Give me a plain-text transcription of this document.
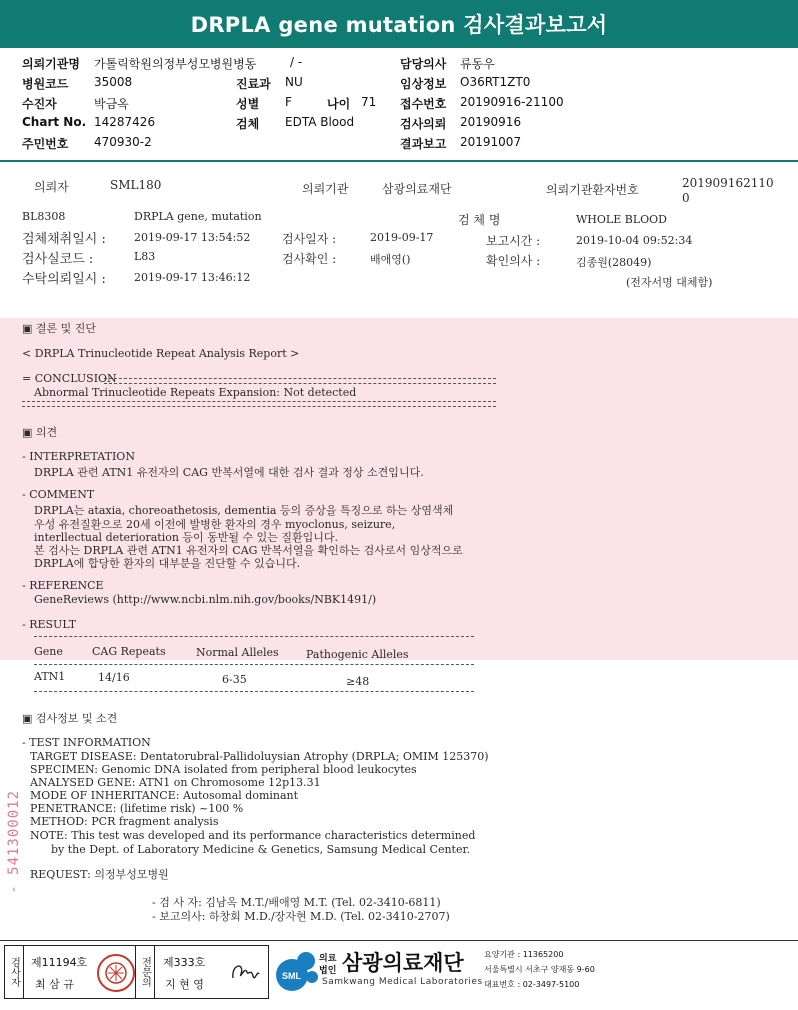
DRPLA gene mutation 검사결과보고서
의뢰기관명 가톨릭학원의정부성모병원병동	/ -	담당의사 류동우
병원코드 35008	진료과 NU	임상정보 O36RT1ZT0
수진자	박금옥	성별 F	나이 71 접수번호 20190916-21100
Chart No. 14287426	검체 EDTA Blood	검사의뢰 20190916
주민번호 470930-2	결과보고 20191007
의뢰자	SML180	의뢰기관	삼광의료재단	의뢰기관환자번호	201909162110
0
BL8308	DRPLA gene, mutation	검 체 명	WHOLE BLOOD
검체채취일시 :	2019-09-17 13:54:52	검사일자 :	2019-09-17	보고시간 :	2019-10-04 09:52:34
검사실코드 :	L83	검사확인 :	배애영()	확인의사 :	김종원(28049)
수탁의뢰일시 :	2019-09-17 13:46:12	(전자서명 대체함)
▣ 결론 및 진단
< DRPLA Trinucleotide Repeat Analysis Report >
= CONCLUSION
Abnormal Trinucleotide Repeats Expansion: Not detected
▣ 의견
- INTERPRETATION
DRPLA 관련 ATN1 유전자의 CAG 반복서열에 대한 검사 결과 정상 소견입니다.
- COMMENT
DRPLA는 ataxia, choreoathetosis, dementia 등의 증상을 특징으로 하는 상염색체
우성 유전질환으로 20세 이전에 발병한 환자의 경우 myoclonus, seizure,
interllectual deterioration 등이 동반될 수 있는 질환입니다.
본 검사는 DRPLA 관련 ATN1 유전자의 CAG 반복서열을 확인하는 검사로서 임상적으로
DRPLA에 합당한 환자의 대부분을 진단할 수 있습니다.
- REFERENCE
GeneReviews (http://www.ncbi.nlm.nih.gov/books/NBK1491/)
- RESULT
Gene	CAG Repeats	Normal Alleles Pathogenic Alleles
ATN1	14/16	6-35	≥48
▣ 검사정보 및 소견
- TEST INFORMATION
TARGET DISEASE: Dentatorubral-Pallidoluysian Atrophy (DRPLA; OMIM 125370)
SPECIMEN: Genomic DNA isolated from peripheral blood leukocytes
ANALYSED GENE: ATN1 on Chromosome 12p13.31
MODE OF INHERITANCE: Autosomal dominant
PENETRANCE: (lifetime risk) ~100 %
METHOD: PCR fragment analysis
NOTE: This test was developed and its performance characteristics determined
by the Dept. of Laboratory Medicine & Genetics, Samsung Medical Center.
REQUEST: 의정부성모병원
- 검 사 자: 김남옥 M.T./배애영 M.T. (Tel. 02-3410-6811)
- 보고의사: 하창회 M.D./장자현 M.D. (Tel. 02-3410-2707)
- 541300012
검사자	제11194호
최 삼 규	전문의	제333호
지 현 영
SML
의료
법인 삼광의료재단
Samkwang Medical Laboratories
요양기관 : 11365200
서울특별시 서초구 양재동 9-60
대표번호 : 02-3497-5100
